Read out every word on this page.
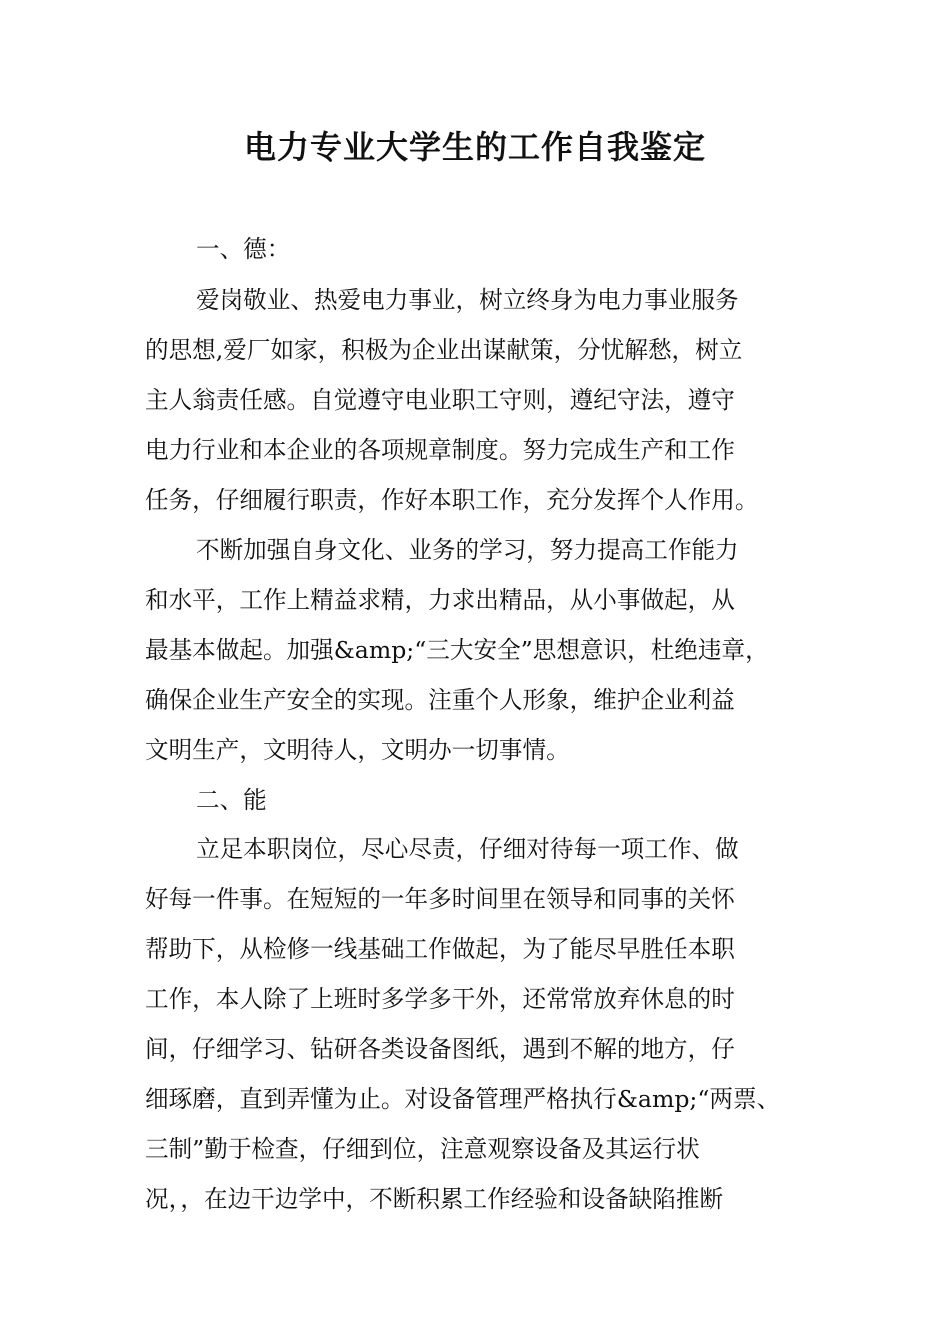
电力专业大学生的工作自我鉴定
一、德：
爱岗敬业、热爱电力事业，树立终身为电力事业服务
的思想,爱厂如家，积极为企业出谋献策，分忧解愁，树立
主人翁责任感。自觉遵守电业职工守则，遵纪守法，遵守
电力行业和本企业的各项规章制度。努力完成生产和工作
任务，仔细履行职责，作好本职工作，充分发挥个人作用。
不断加强自身文化、业务的学习，努力提高工作能力
和水平，工作上精益求精，力求出精品，从小事做起，从
最基本做起。加强&amp;“三大安全”思想意识，杜绝违章，
确保企业生产安全的实现。注重个人形象，维护企业利益
文明生产，文明待人，文明办一切事情。
二、能
立足本职岗位，尽心尽责，仔细对待每一项工作、做
好每一件事。在短短的一年多时间里在领导和同事的关怀
帮助下，从检修一线基础工作做起，为了能尽早胜任本职
工作，本人除了上班时多学多干外，还常常放弃休息的时
间，仔细学习、钻研各类设备图纸，遇到不解的地方，仔
细琢磨，直到弄懂为止。对设备管理严格执行&amp;“两票、
三制”勤于检查，仔细到位，注意观察设备及其运行状
况，，在边干边学中，不断积累工作经验和设备缺陷推断
